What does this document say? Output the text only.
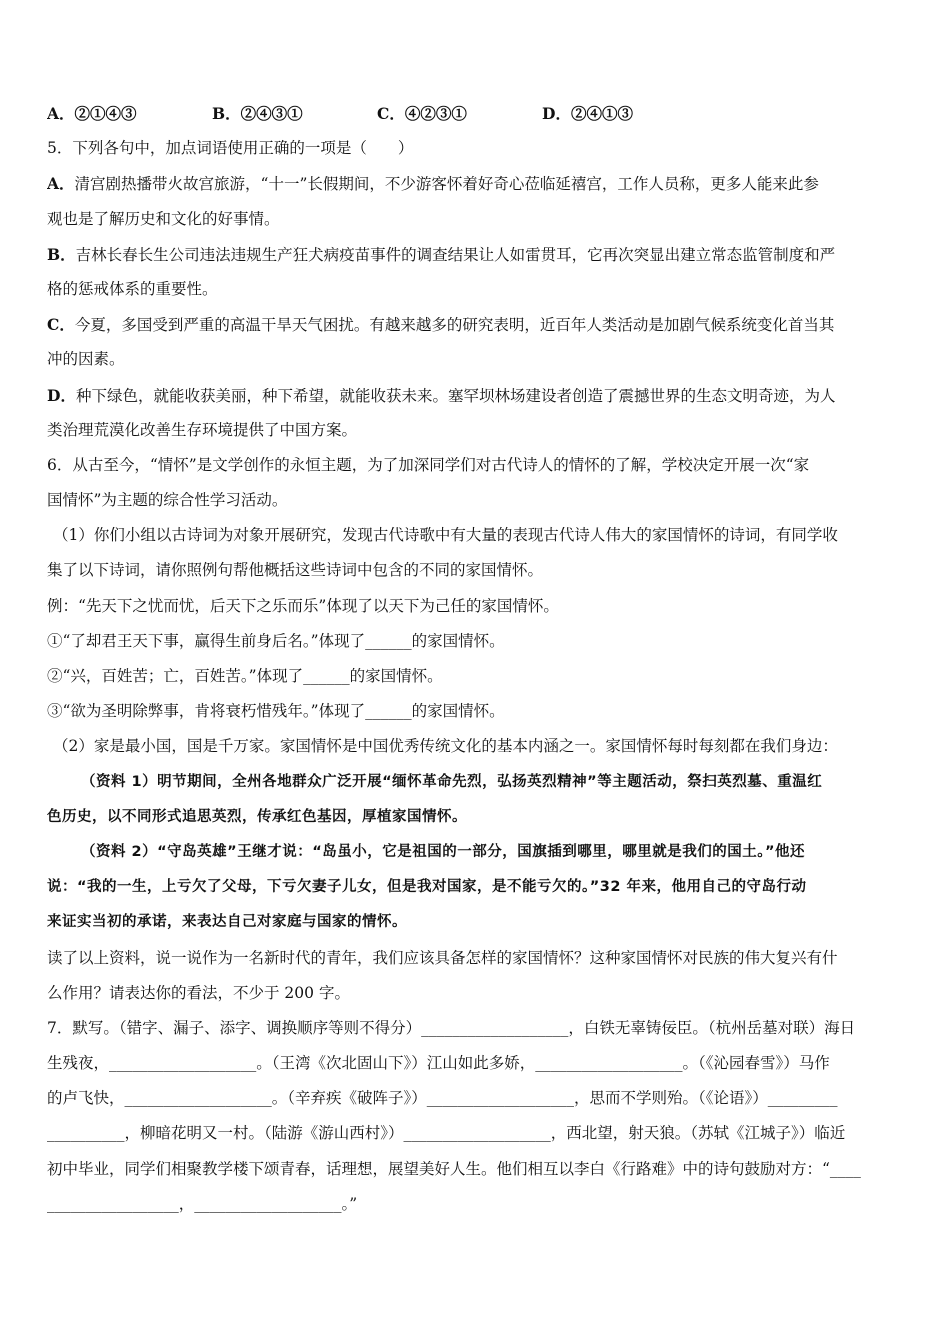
A．②①④③	B．②④③①	C．④②③①	D．②④①③
5．下列各句中，加点词语使用正确的一项是（　　）
A．清宫剧热播带火故宫旅游，“十一”长假期间，不少游客怀着好奇心莅临延禧宫，工作人员称，更多人能来此参
观也是了解历史和文化的好事情。
B．吉林长春长生公司违法违规生产狂犬病疫苗事件的调查结果让人如雷贯耳，它再次突显出建立常态监管制度和严
格的惩戒体系的重要性。
C．今夏，多国受到严重的高温干旱天气困扰。有越来越多的研究表明，近百年人类活动是加剧气候系统变化首当其
冲的因素。
D．种下绿色，就能收获美丽，种下希望，就能收获未来。塞罕坝林场建设者创造了震撼世界的生态文明奇迹，为人
类治理荒漠化改善生存环境提供了中国方案。
6．从古至今，“情怀”是文学创作的永恒主题，为了加深同学们对古代诗人的情怀的了解，学校决定开展一次“家
国情怀”为主题的综合性学习活动。
（1）你们小组以古诗词为对象开展研究，发现古代诗歌中有大量的表现古代诗人伟大的家国情怀的诗词，有同学收
集了以下诗词，请你照例句帮他概括这些诗词中包含的不同的家国情怀。
例：“先天下之忧而忧，后天下之乐而乐”体现了以天下为己任的家国情怀。
①“了却君王天下事，赢得生前身后名。”体现了______的家国情怀。
②“兴，百姓苦；亡，百姓苦。”体现了______的家国情怀。
③“欲为圣明除弊事，肯将衰朽惜残年。”体现了______的家国情怀。
（2）家是最小国，国是千万家。家国情怀是中国优秀传统文化的基本内涵之一。家国情怀每时每刻都在我们身边：
（资料 1）明节期间，全州各地群众广泛开展“缅怀革命先烈，弘扬英烈精神”等主题活动，祭扫英烈墓、重温红
色历史，以不同形式追思英烈，传承红色基因，厚植家国情怀。
（资料 2）“守岛英雄”王继才说：“岛虽小，它是祖国的一部分，国旗插到哪里，哪里就是我们的国土。”他还
说：“我的一生，上亏欠了父母，下亏欠妻子儿女，但是我对国家，是不能亏欠的。”32 年来，他用自己的守岛行动
来证实当初的承诺，来表达自己对家庭与国家的情怀。
读了以上资料，说一说作为一名新时代的青年，我们应该具备怎样的家国情怀？这种家国情怀对民族的伟大复兴有什
么作用？请表达你的看法，不少于 200 字。
7．默写。（错字、漏子、添字、调换顺序等则不得分）___________________，白铁无辜铸佞臣。（杭州岳墓对联）海日
生残夜，___________________。（王湾《次北固山下》）江山如此多娇，___________________。（《沁园春雪》）马作
的卢飞快，___________________。（辛弃疾《破阵子》）___________________，思而不学则殆。（《论语》）_________
__________，柳暗花明又一村。（陆游《游山西村》）___________________，西北望，射天狼。（苏轼《江城子》）临近
初中毕业，同学们相聚教学楼下颂青春，话理想，展望美好人生。他们相互以李白《行路难》中的诗句鼓励对方：“____
_________________，___________________。”
